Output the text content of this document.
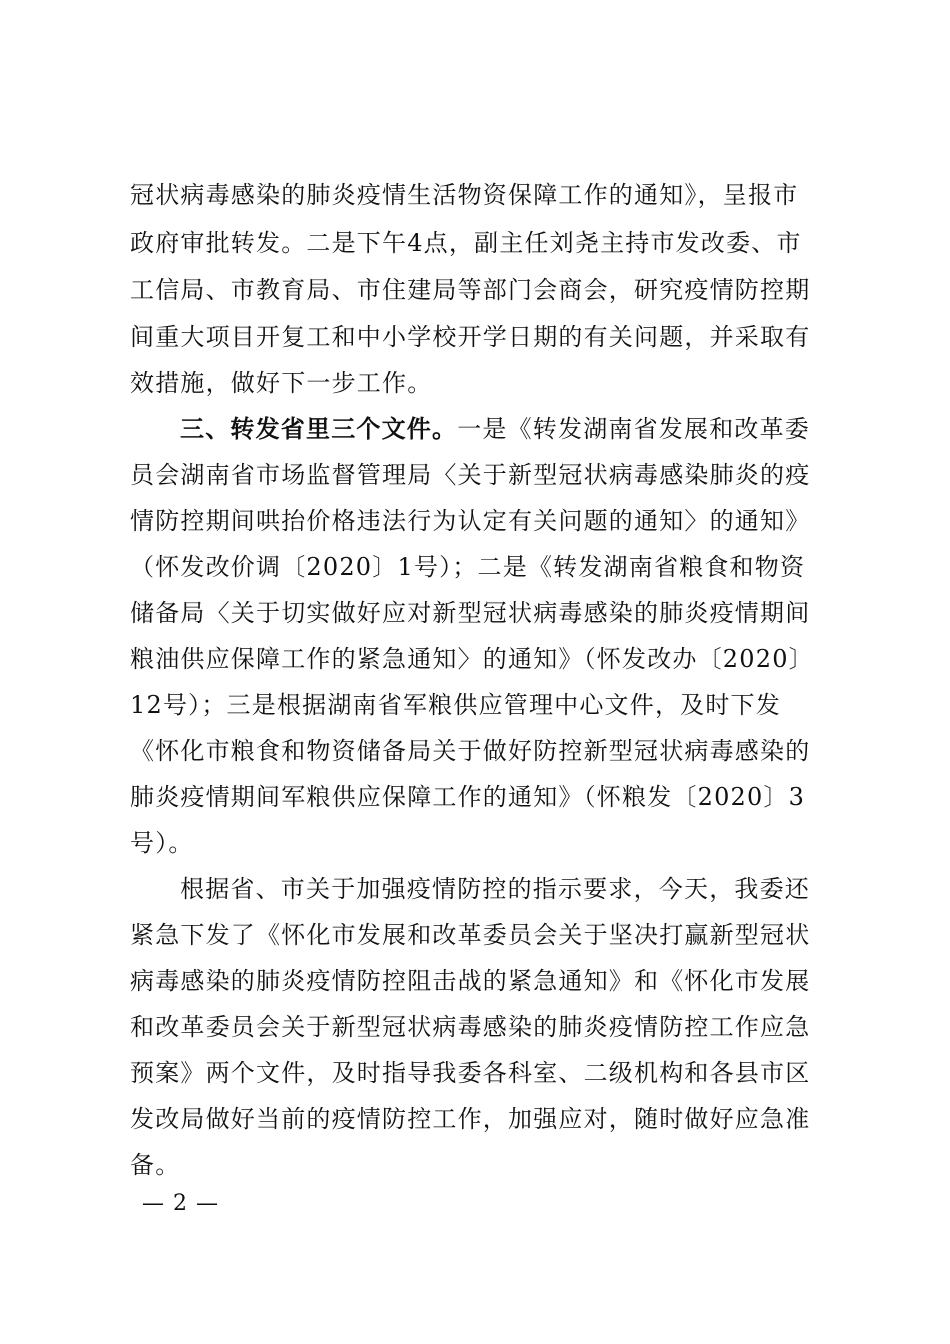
冠状病毒感染的肺炎疫情生活物资保障工作的通知》，呈报市
政府审批转发。二是下午4点，副主任刘尧主持市发改委、市
工信局、市教育局、市住建局等部门会商会，研究疫情防控期
间重大项目开复工和中小学校开学日期的有关问题，并采取有
效措施，做好下一步工作。
三、转发省里三个文件。一是《转发湖南省发展和改革委
员会湖南省市场监督管理局〈关于新型冠状病毒感染肺炎的疫
情防控期间哄抬价格违法行为认定有关问题的通知〉的通知》
（怀发改价调〔2020〕1号）；二是《转发湖南省粮食和物资
储备局〈关于切实做好应对新型冠状病毒感染的肺炎疫情期间
粮油供应保障工作的紧急通知〉的通知》（怀发改办〔2020〕
12号）；三是根据湖南省军粮供应管理中心文件，及时下发
《怀化市粮食和物资储备局关于做好防控新型冠状病毒感染的
肺炎疫情期间军粮供应保障工作的通知》（怀粮发〔2020〕3
号）。
根据省、市关于加强疫情防控的指示要求，今天，我委还
紧急下发了《怀化市发展和改革委员会关于坚决打赢新型冠状
病毒感染的肺炎疫情防控阻击战的紧急通知》和《怀化市发展
和改革委员会关于新型冠状病毒感染的肺炎疫情防控工作应急
预案》两个文件，及时指导我委各科室、二级机构和各县市区
发改局做好当前的疫情防控工作，加强应对，随时做好应急准
备。
— 2 —
